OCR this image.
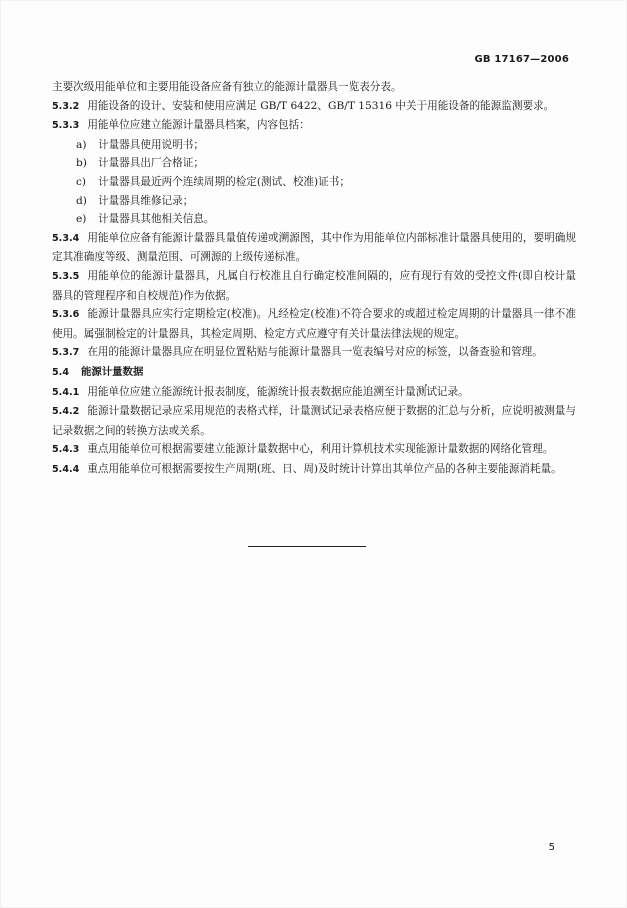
GB 17167—2006

主要次级用能单位和主要用能设备应备有独立的能源计量器具一览表分表。

5.3.2 用能设备的设计、安装和使用应满足 GB/T 6422、GB/T 15316 中关于用能设备的能源监测要求。

5.3.3 用能单位应建立能源计量器具档案，内容包括：

a) 计量器具使用说明书；

b) 计量器具出厂合格证；

c) 计量器具最近两个连续周期的检定(测试、校准)证书；

d) 计量器具维修记录；

e) 计量器具其他相关信息。

5.3.4 用能单位应备有能源计量器具量值传递或溯源图，其中作为用能单位内部标准计量器具使用的，要明确规定其准确度等级、测量范围、可溯源的上级传递标准。

5.3.5 用能单位的能源计量器具，凡属自行校准且自行确定校准间隔的，应有现行有效的受控文件(即自校计量器具的管理程序和自校规范)作为依据。

5.3.6 能源计量器具应实行定期检定(校准)。凡经检定(校准)不符合要求的或超过检定周期的计量器具一律不准使用。属强制检定的计量器具，其检定周期、检定方式应遵守有关计量法律法规的规定。

5.3.7 在用的能源计量器具应在明显位置粘贴与能源计量器具一览表编号对应的标签，以备查验和管理。

5.4 能源计量数据

5.4.1 用能单位应建立能源统计报表制度，能源统计报表数据应能追溯至计量测试记录。

5.4.2 能源计量数据记录应采用规范的表格式样，计量测试记录表格应便于数据的汇总与分析，应说明被测量与记录数据之间的转换方法或关系。

5.4.3 重点用能单位可根据需要建立能源计量数据中心，利用计算机技术实现能源计量数据的网络化管理。

5.4.4 重点用能单位可根据需要按生产周期(班、日、周)及时统计计算出其单位产品的各种主要能源消耗量。

5
